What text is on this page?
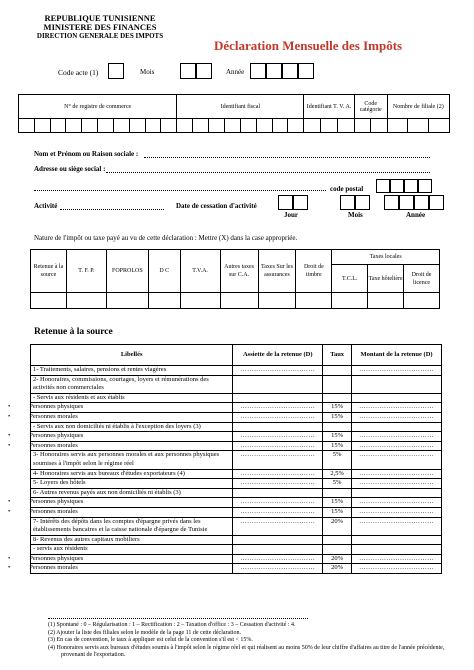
REPUBLIQUE TUNISIENNE
MINISTERE DES FINANCES
DIRECTION GENERALE DES IMPOTS
Déclaration Mensuelle des Impôts
Code acte (1)	Mois	Année
N° de registre de commerce										Identifiant fiscal								Identifiant T. V. A.			Code catégorie		Nombre de filiale (2)		

Nom et Prénom ou Raison sociale :
Adresse ou siège social :
code postal
Activité	Date de cessation d'activité
Jour	Mois	Année
Nature de l'impôt ou taxe payé au vu de cette déclaration : Mettre (X) dans la case appropriée.
Retenue à la source	T. F. P.	FOPROLOS	D C	T.V.A.	Autres taxes sur C.A.	Taxes Sur les assurances	Droit de timbre	Taxes locales		
								T.C.L.	Taxe hôtelière	Droit de licence

Retenue à la source
Libellés	Assiette de la retenue (D)	Taux	Montant de la retenue (D)
1- Traitements, salaires, pensions et rentes viagères	……………………………		……………………………
2- Honoraires, commissions, courtages, loyers et rémunérations des activités non commerciales			
- Servis aux résidents et aux établis			
• Personnes physiques	……………………………	15%	……………………………
• Personnes morales	……………………………	15%	……………………………
- Servis aux non domiciliés ni établis à l'exception des loyers (3)			
• Personnes physiques	……………………………	15%	……………………………
• Personnes morales	……………………………	15%	……………………………
3- Honoraires servis aux personnes morales et aux personnes physiques soumises à l'impôt selon le régime réel	……………………………	5%	……………………………
4- Honoraires servis aux bureaux d'études exportateurs (4)	……………………………	2,5%	……………………………
5- Loyers des hôtels	……………………………	5%	……………………………
6- Autres revenus payés aux non domiciliés ni établis (3)			
• Personnes physiques	……………………………	15%	……………………………
• Personnes morales	……………………………	15%	……………………………
7- Intérêts des dépôts dans les comptes d'épargne privés dans les établissements bancaires et la caisse nationale d'épargne de Tunisie	……………………………	20%	……………………………
8- Revenus des autres capitaux mobiliers			
- servis aux résidents			
• Personnes physiques	……………………………	20%	……………………………
• Personnes morales	……………………………	20%	……………………………
(1) Spontané : 0 – Régularisation : 1 – Rectification : 2 – Taxation d'office : 3 – Cessation d'activité : 4.
(2) Ajouter la liste des filiales selon le modèle de la page 11 de cette déclaration.
(3) En cas de convention, le taux à appliquer est celui de la convention s'il est < 15%.
(4) Honoraires servis aux bureaux d'études soumis à l'impôt selon le régime réel et qui réalisent au moins 50% de leur chiffre d'affaires au titre de l'année précédente, provenant de l'exportation.
